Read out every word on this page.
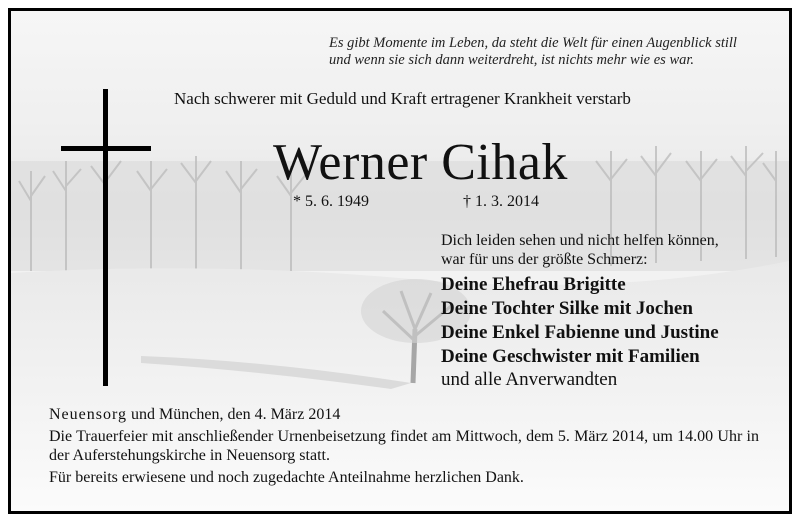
Es gibt Momente im Leben, da steht die Welt für einen Augenblick still
und wenn sie sich dann weiterdreht, ist nichts mehr wie es war.
Nach schwerer mit Geduld und Kraft ertragener Krankheit verstarb
Werner Cihak
* 5. 6. 1949	† 1. 3. 2014
Dich leiden sehen und nicht helfen können,
war für uns der größte Schmerz:
Deine Ehefrau Brigitte
Deine Tochter Silke mit Jochen
Deine Enkel Fabienne und Justine
Deine Geschwister mit Familien
und alle Anverwandten
Neuensorg und München, den 4. März 2014
Die Trauerfeier mit anschließender Urnenbeisetzung findet am Mittwoch, dem 5. März 2014, um 14.00 Uhr in der Auferstehungskirche in Neuensorg statt.
Für bereits erwiesene und noch zugedachte Anteilnahme herzlichen Dank.
